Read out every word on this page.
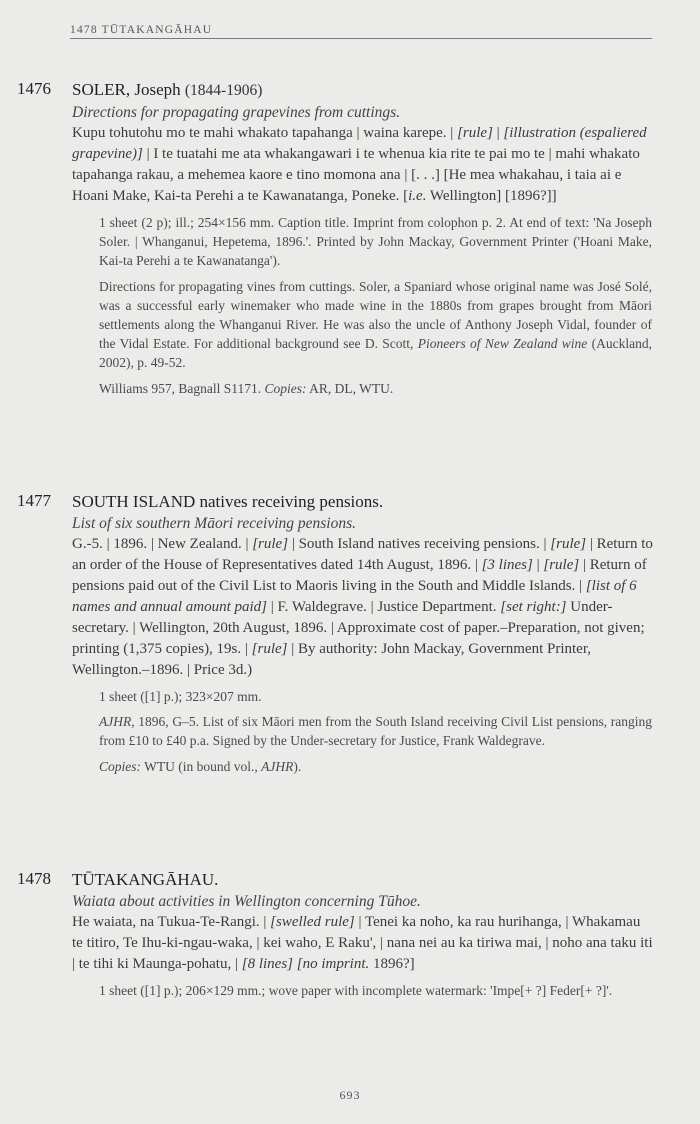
1478 TŪTAKANGĀHAU
1476 SOLER, Joseph (1844-1906)

Directions for propagating grapevines from cuttings.

Kupu tohutohu mo te mahi whakato tapahanga | waina karepe. | [rule] | [illustration (espaliered grapevine)] | I te tuatahi me ata whakangawari i te whenua kia rite te pai mo te | mahi whakato tapahanga rakau, a mehemea kaore e tino momona ana | [. . .] [He mea whakahau, i taia ai e Hoani Make, Kai-ta Perehi a te Kawanatanga, Poneke. [i.e. Wellington] [1896?]]

1 sheet (2 p); ill.; 254×156 mm. Caption title. Imprint from colophon p. 2. At end of text: 'Na Joseph Soler. | Whanganui, Hepetema, 1896.'. Printed by John Mackay, Government Printer ('Hoani Make, Kai-ta Perehi a te Kawanatanga').

Directions for propagating vines from cuttings. Soler, a Spaniard whose original name was José Solé, was a successful early winemaker who made wine in the 1880s from grapes brought from Māori settlements along the Whanganui River. He was also the uncle of Anthony Joseph Vidal, founder of the Vidal Estate. For additional background see D. Scott, Pioneers of New Zealand wine (Auckland, 2002), p. 49-52.

Williams 957, Bagnall S1171. Copies: AR, DL, WTU.

1477 SOUTH ISLAND natives receiving pensions.

List of six southern Māori receiving pensions.

G.-5. | 1896. | New Zealand. | [rule] | South Island natives receiving pensions. | [rule] | Return to an order of the House of Representatives dated 14th August, 1896. | [3 lines] | [rule] | Return of pensions paid out of the Civil List to Maoris living in the South and Middle Islands. | [list of 6 names and annual amount paid] | F. Waldegrave. | Justice Department. [set right:] Under-secretary. | Wellington, 20th August, 1896. | Approximate cost of paper.–Preparation, not given; printing (1,375 copies), 19s. | [rule] | By authority: John Mackay, Government Printer, Wellington.–1896. | Price 3d.)

1 sheet ([1] p.); 323×207 mm.

AJHR, 1896, G–5. List of six Māori men from the South Island receiving Civil List pensions, ranging from £10 to £40 p.a. Signed by the Under-secretary for Justice, Frank Waldegrave.

Copies: WTU (in bound vol., AJHR).

1478 TŪTAKANGĀHAU.

Waiata about activities in Wellington concerning Tūhoe.

He waiata, na Tukua-Te-Rangi. | [swelled rule] | Tenei ka noho, ka rau hurihanga, | Whakamau te titiro, Te Ihu-ki-ngau-waka, | kei waho, E Raku', | nana nei au ka tiriwa mai, | noho ana taku iti | te tihi ki Maunga-pohatu, | [8 lines] [no imprint. 1896?]

1 sheet ([1] p.); 206×129 mm.; wove paper with incomplete watermark: 'Impe[+ ?] Feder[+ ?]'.

693
